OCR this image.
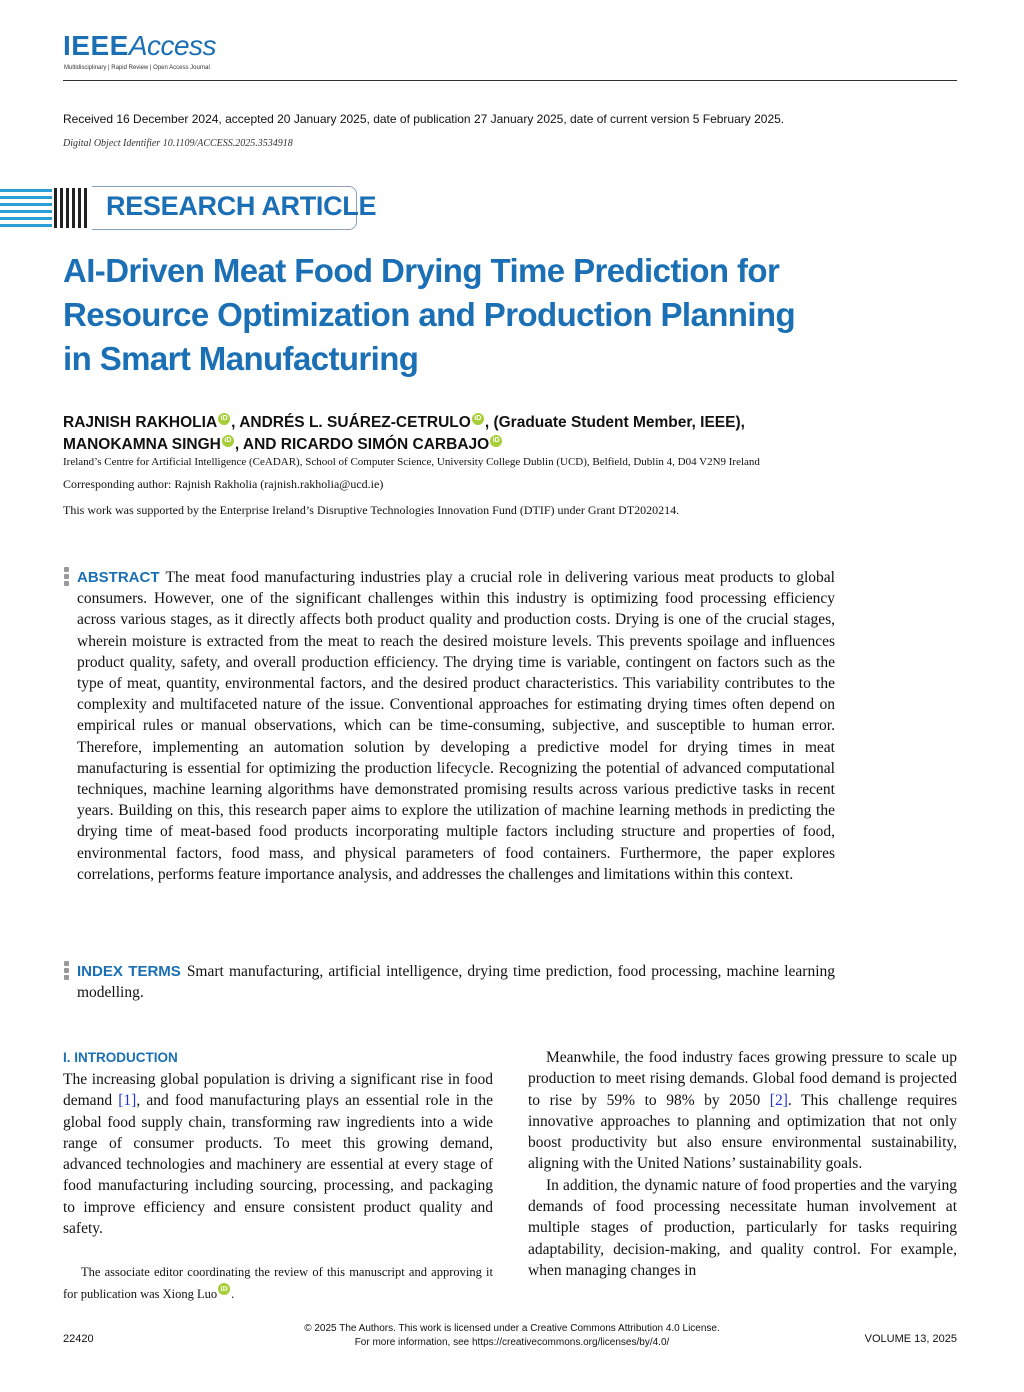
IEEEAccess
Multidisciplinary | Rapid Review | Open Access Journal
Received 16 December 2024, accepted 20 January 2025, date of publication 27 January 2025, date of current version 5 February 2025.
Digital Object Identifier 10.1109/ACCESS.2025.3534918
RESEARCH ARTICLE
AI-Driven Meat Food Drying Time Prediction for
Resource Optimization and Production Planning
in Smart Manufacturing
RAJNISH RAKHOLIA iD , ANDRÉS L. SUÁREZ-CETRULO iD , (Graduate Student Member, IEEE),
MANOKAMNA SINGH iD , AND RICARDO SIMÓN CARBAJO iD
Ireland’s Centre for Artificial Intelligence (CeADAR), School of Computer Science, University College Dublin (UCD), Belfield, Dublin 4, D04 V2N9 Ireland
Corresponding author: Rajnish Rakholia (rajnish.rakholia@ucd.ie)
This work was supported by the Enterprise Ireland’s Disruptive Technologies Innovation Fund (DTIF) under Grant DT2020214.
ABSTRACT The meat food manufacturing industries play a crucial role in delivering various meat products to global consumers. However, one of the significant challenges within this industry is optimizing food processing efficiency across various stages, as it directly affects both product quality and production costs. Drying is one of the crucial stages, wherein moisture is extracted from the meat to reach the desired moisture levels. This prevents spoilage and influences product quality, safety, and overall production efficiency. The drying time is variable, contingent on factors such as the type of meat, quantity, environmental factors, and the desired product characteristics. This variability contributes to the complexity and multifaceted nature of the issue. Conventional approaches for estimating drying times often depend on empirical rules or manual observations, which can be time-consuming, subjective, and susceptible to human error. Therefore, implementing an automation solution by developing a predictive model for drying times in meat manufacturing is essential for optimizing the production lifecycle. Recognizing the potential of advanced computational techniques, machine learning algorithms have demonstrated promising results across various predictive tasks in recent years. Building on this, this research paper aims to explore the utilization of machine learning methods in predicting the drying time of meat-based food products incorporating multiple factors including structure and properties of food, environmental factors, food mass, and physical parameters of food containers. Furthermore, the paper explores correlations, performs feature importance analysis, and addresses the challenges and limitations within this context.
INDEX TERMS Smart manufacturing, artificial intelligence, drying time prediction, food processing, machine learning modelling.
I. INTRODUCTION

The increasing global population is driving a significant rise in food demand [1], and food manufacturing plays an essential role in the global food supply chain, transforming raw ingredients into a wide range of consumer products. To meet this growing demand, advanced technologies and machinery are essential at every stage of food manufacturing including sourcing, processing, and packaging to improve efficiency and ensure consistent product quality and safety.

The associate editor coordinating the review of this manuscript and approving it for publication was Xiong Luo iD .

Meanwhile, the food industry faces growing pressure to scale up production to meet rising demands. Global food demand is projected to rise by 59% to 98% by 2050 [2]. This challenge requires innovative approaches to planning and optimization that not only boost productivity but also ensure environmental sustainability, aligning with the United Nations’ sustainability goals.

In addition, the dynamic nature of food properties and the varying demands of food processing necessitate human involvement at multiple stages of production, particularly for tasks requiring adaptability, decision-making, and quality control. For example, when managing changes in

22420
© 2025 The Authors. This work is licensed under a Creative Commons Attribution 4.0 License.
For more information, see https://creativecommons.org/licenses/by/4.0/	VOLUME 13, 2025
